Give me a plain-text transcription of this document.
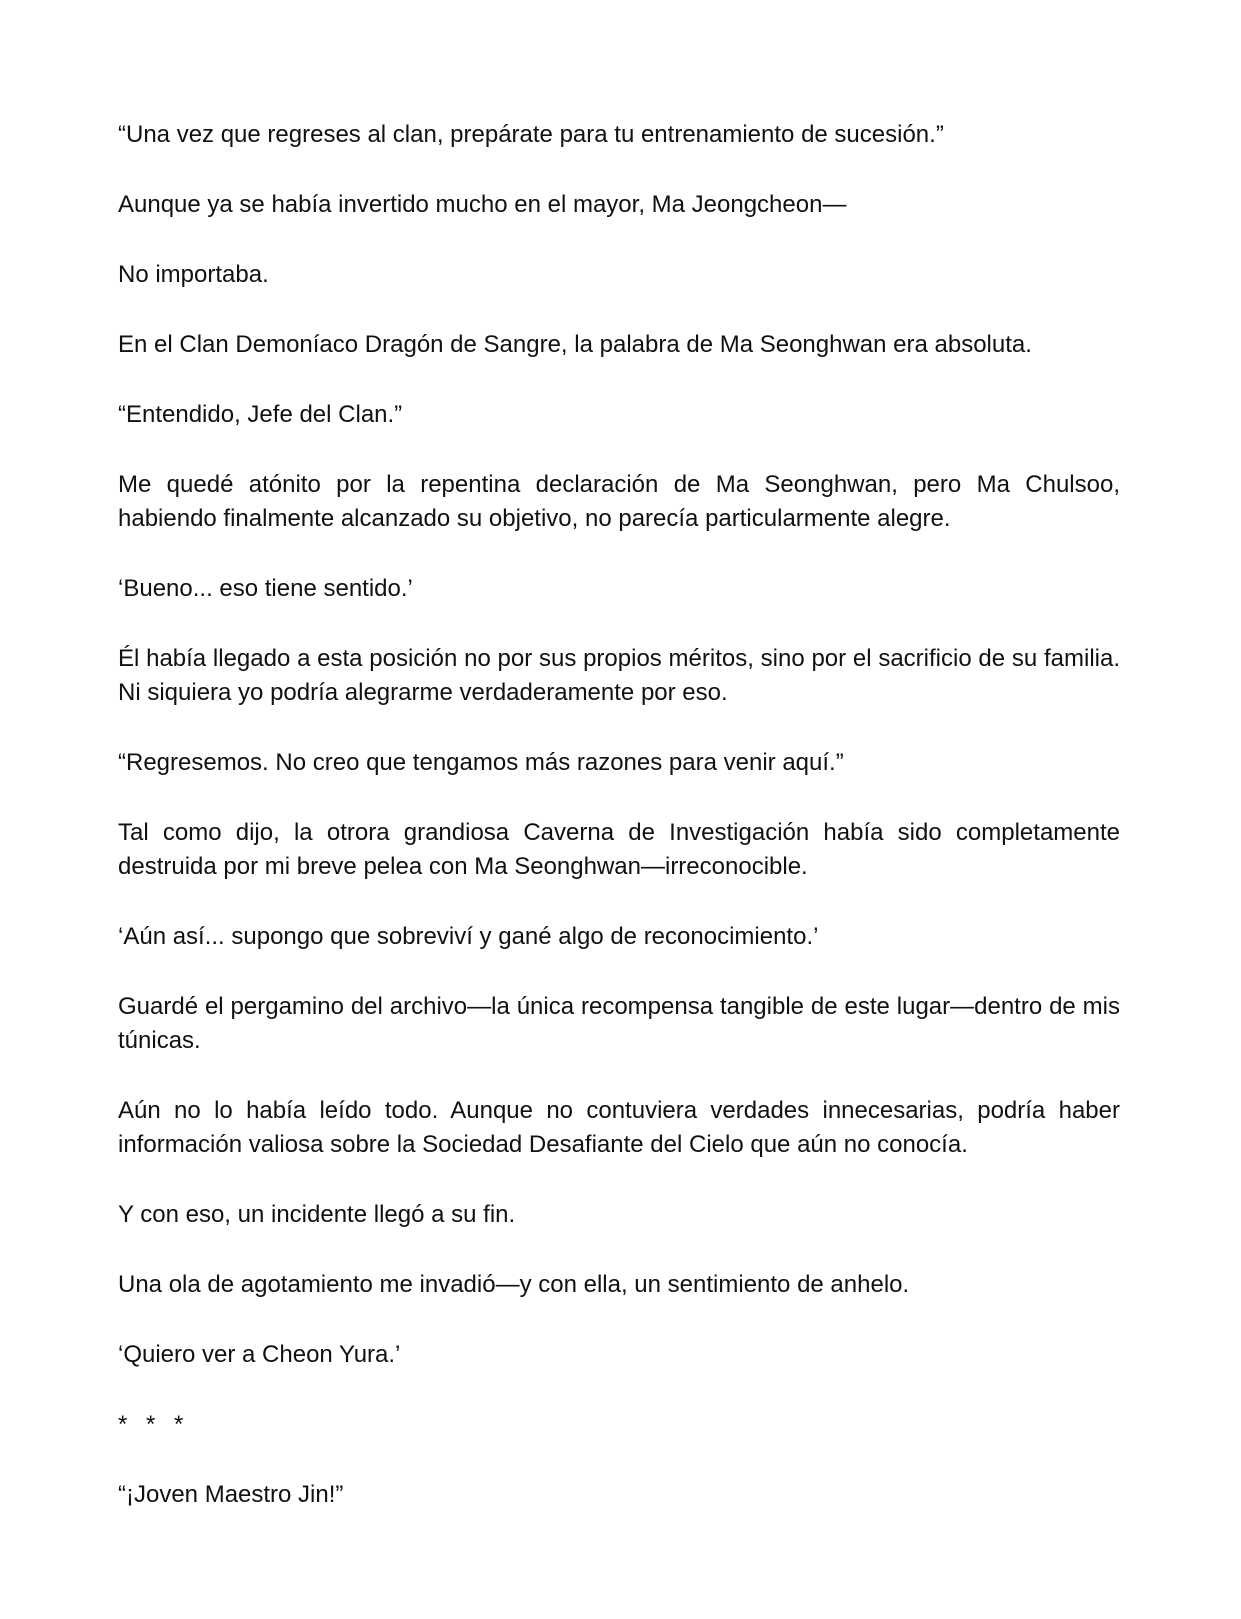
“Una vez que regreses al clan, prepárate para tu entrenamiento de sucesión.”

Aunque ya se había invertido mucho en el mayor, Ma Jeongcheon—

No importaba.

En el Clan Demoníaco Dragón de Sangre, la palabra de Ma Seonghwan era absoluta.

“Entendido, Jefe del Clan.”

Me quedé atónito por la repentina declaración de Ma Seonghwan, pero Ma Chulsoo, habiendo finalmente alcanzado su objetivo, no parecía particularmente alegre.

‘Bueno... eso tiene sentido.’

Él había llegado a esta posición no por sus propios méritos, sino por el sacrificio de su familia. Ni siquiera yo podría alegrarme verdaderamente por eso.

“Regresemos. No creo que tengamos más razones para venir aquí.”

Tal como dijo, la otrora grandiosa Caverna de Investigación había sido completamente destruida por mi breve pelea con Ma Seonghwan—irreconocible.

‘Aún así... supongo que sobreviví y gané algo de reconocimiento.’

Guardé el pergamino del archivo—la única recompensa tangible de este lugar—dentro de mis túnicas.

Aún no lo había leído todo. Aunque no contuviera verdades innecesarias, podría haber información valiosa sobre la Sociedad Desafiante del Cielo que aún no conocía.

Y con eso, un incidente llegó a su fin.

Una ola de agotamiento me invadió—y con ella, un sentimiento de anhelo.

‘Quiero ver a Cheon Yura.’

* * *

“¡Joven Maestro Jin!”
